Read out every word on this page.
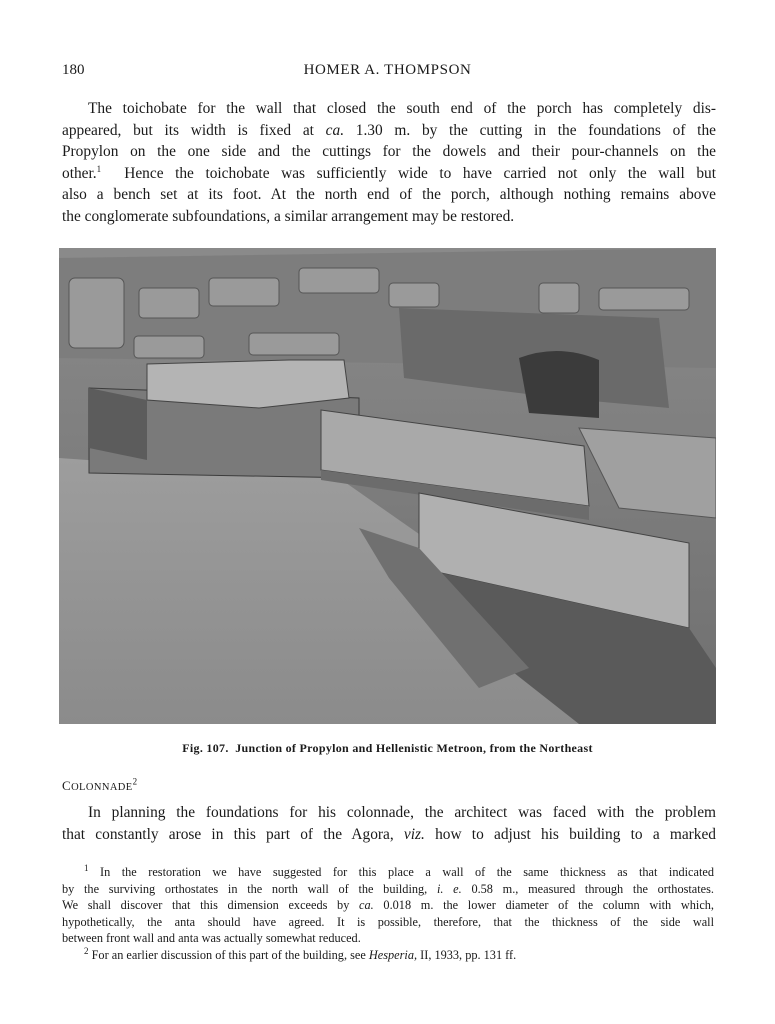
180	HOMER A. THOMPSON
The toichobate for the wall that closed the south end of the porch has completely dis-
appeared, but its width is fixed at ca. 1.30 m. by the cutting in the foundations of the
Propylon on the one side and the cuttings for the dowels and their pour-channels on the
other.$^1$ Hence the toichobate was sufficiently wide to have carried not only the wall but
also a bench set at its foot. At the north end of the porch, although nothing remains above
the conglomerate subfoundations, a similar arrangement may be restored.
Fig. 107. Junction of Propylon and Hellenistic Metroon, from the Northeast
COLONNADE$^2$
In planning the foundations for his colonnade, the architect was faced with the problem
that constantly arose in this part of the Agora, viz. how to adjust his building to a marked
$^1$ In the restoration we have suggested for this place a wall of the same thickness as that indicated
by the surviving orthostates in the north wall of the building, i. e. 0.58 m., measured through the orthostates.
We shall discover that this dimension exceeds by ca. 0.018 m. the lower diameter of the column with which,
hypothetically, the anta should have agreed. It is possible, therefore, that the thickness of the side wall
between front wall and anta was actually somewhat reduced.
$^2$ For an earlier discussion of this part of the building, see Hesperia, II, 1933, pp. 131 ff.
